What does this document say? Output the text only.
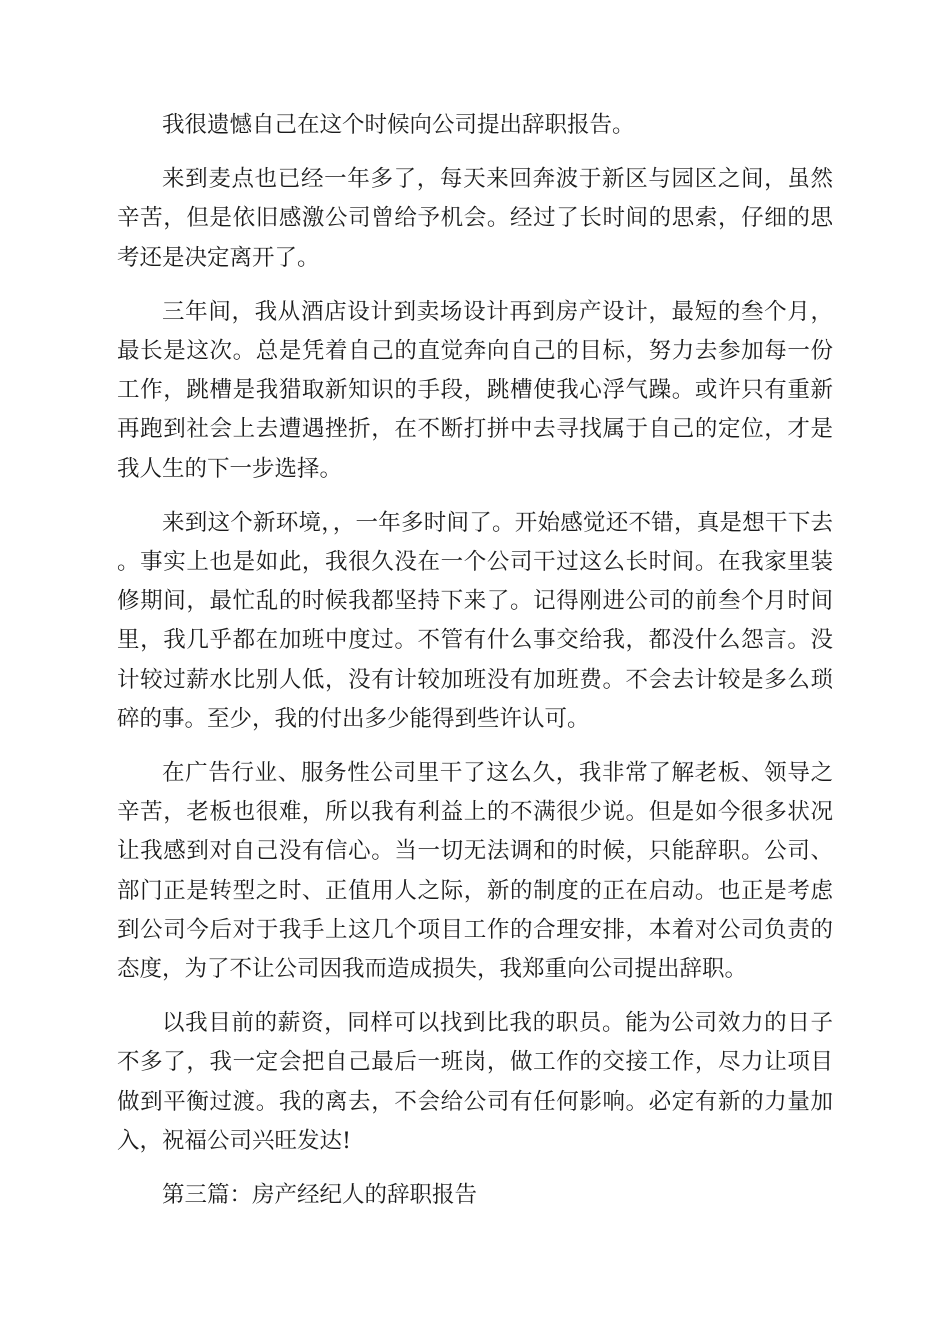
我很遗憾自己在这个时候向公司提出辞职报告。

来到麦点也已经一年多了，每天来回奔波于新区与园区之间，虽然辛苦，但是依旧感激公司曾给予机会。经过了长时间的思索，仔细的思考还是决定离开了。

三年间，我从酒店设计到卖场设计再到房产设计，最短的叁个月，最长是这次。总是凭着自己的直觉奔向自己的目标，努力去参加每一份工作，跳槽是我猎取新知识的手段，跳槽使我心浮气躁。或许只有重新再跑到社会上去遭遇挫折，在不断打拼中去寻找属于自己的定位，才是我人生的下一步选择。

来到这个新环境，，一年多时间了。开始感觉还不错，真是想干下去。事实上也是如此，我很久没在一个公司干过这么长时间。在我家里装修期间，最忙乱的时候我都坚持下来了。记得刚进公司的前叁个月时间里，我几乎都在加班中度过。不管有什么事交给我，都没什么怨言。没计较过薪水比别人低，没有计较加班没有加班费。不会去计较是多么琐碎的事。至少，我的付出多少能得到些许认可。

在广告行业、服务性公司里干了这么久，我非常了解老板、领导之辛苦，老板也很难，所以我有利益上的不满很少说。但是如今很多状况让我感到对自己没有信心。当一切无法调和的时候，只能辞职。公司、部门正是转型之时、正值用人之际，新的制度的正在启动。也正是考虑到公司今后对于我手上这几个项目工作的合理安排，本着对公司负责的态度，为了不让公司因我而造成损失，我郑重向公司提出辞职。

以我目前的薪资，同样可以找到比我的职员。能为公司效力的日子不多了，我一定会把自己最后一班岗，做工作的交接工作，尽力让项目做到平衡过渡。我的离去，不会给公司有任何影响。必定有新的力量加入，祝福公司兴旺发达!

第三篇：房产经纪人的辞职报告
